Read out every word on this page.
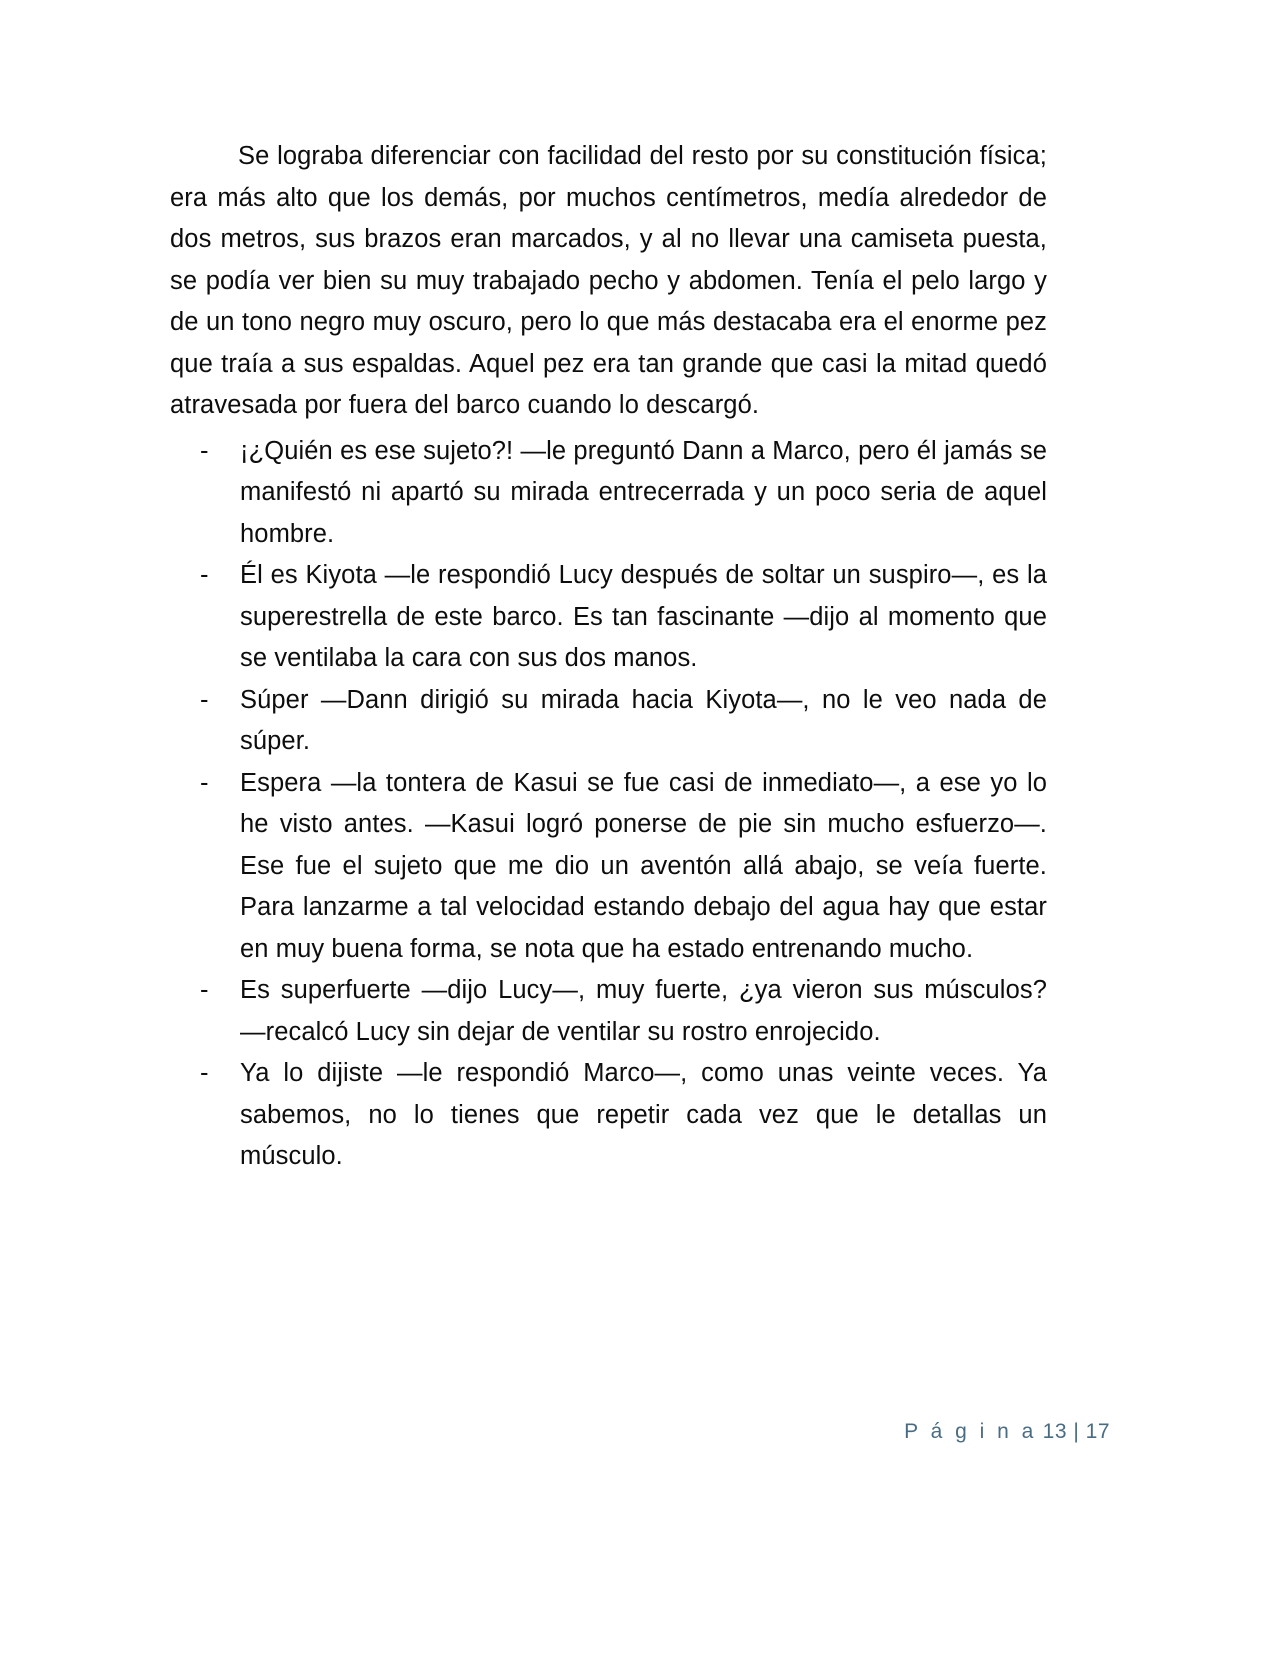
Se lograba diferenciar con facilidad del resto por su constitución física; era más alto que los demás, por muchos centímetros, medía alrededor de dos metros, sus brazos eran marcados, y al no llevar una camiseta puesta, se podía ver bien su muy trabajado pecho y abdomen. Tenía el pelo largo y de un tono negro muy oscuro, pero lo que más destacaba era el enorme pez que traía a sus espaldas. Aquel pez era tan grande que casi la mitad quedó atravesada por fuera del barco cuando lo descargó.

- ¡¿Quién es ese sujeto?! —le preguntó Dann a Marco, pero él jamás se manifestó ni apartó su mirada entrecerrada y un poco seria de aquel hombre.
- Él es Kiyota —le respondió Lucy después de soltar un suspiro—, es la superestrella de este barco. Es tan fascinante —dijo al momento que se ventilaba la cara con sus dos manos.
- Súper —Dann dirigió su mirada hacia Kiyota—, no le veo nada de súper.
- Espera —la tontera de Kasui se fue casi de inmediato—, a ese yo lo he visto antes. —Kasui logró ponerse de pie sin mucho esfuerzo—. Ese fue el sujeto que me dio un aventón allá abajo, se veía fuerte. Para lanzarme a tal velocidad estando debajo del agua hay que estar en muy buena forma, se nota que ha estado entrenando mucho.
- Es superfuerte —dijo Lucy—, muy fuerte, ¿ya vieron sus músculos? —recalcó Lucy sin dejar de ventilar su rostro enrojecido.
- Ya lo dijiste —le respondió Marco—, como unas veinte veces. Ya sabemos, no lo tienes que repetir cada vez que le detallas un músculo.
P á g i n a 13 | 17
